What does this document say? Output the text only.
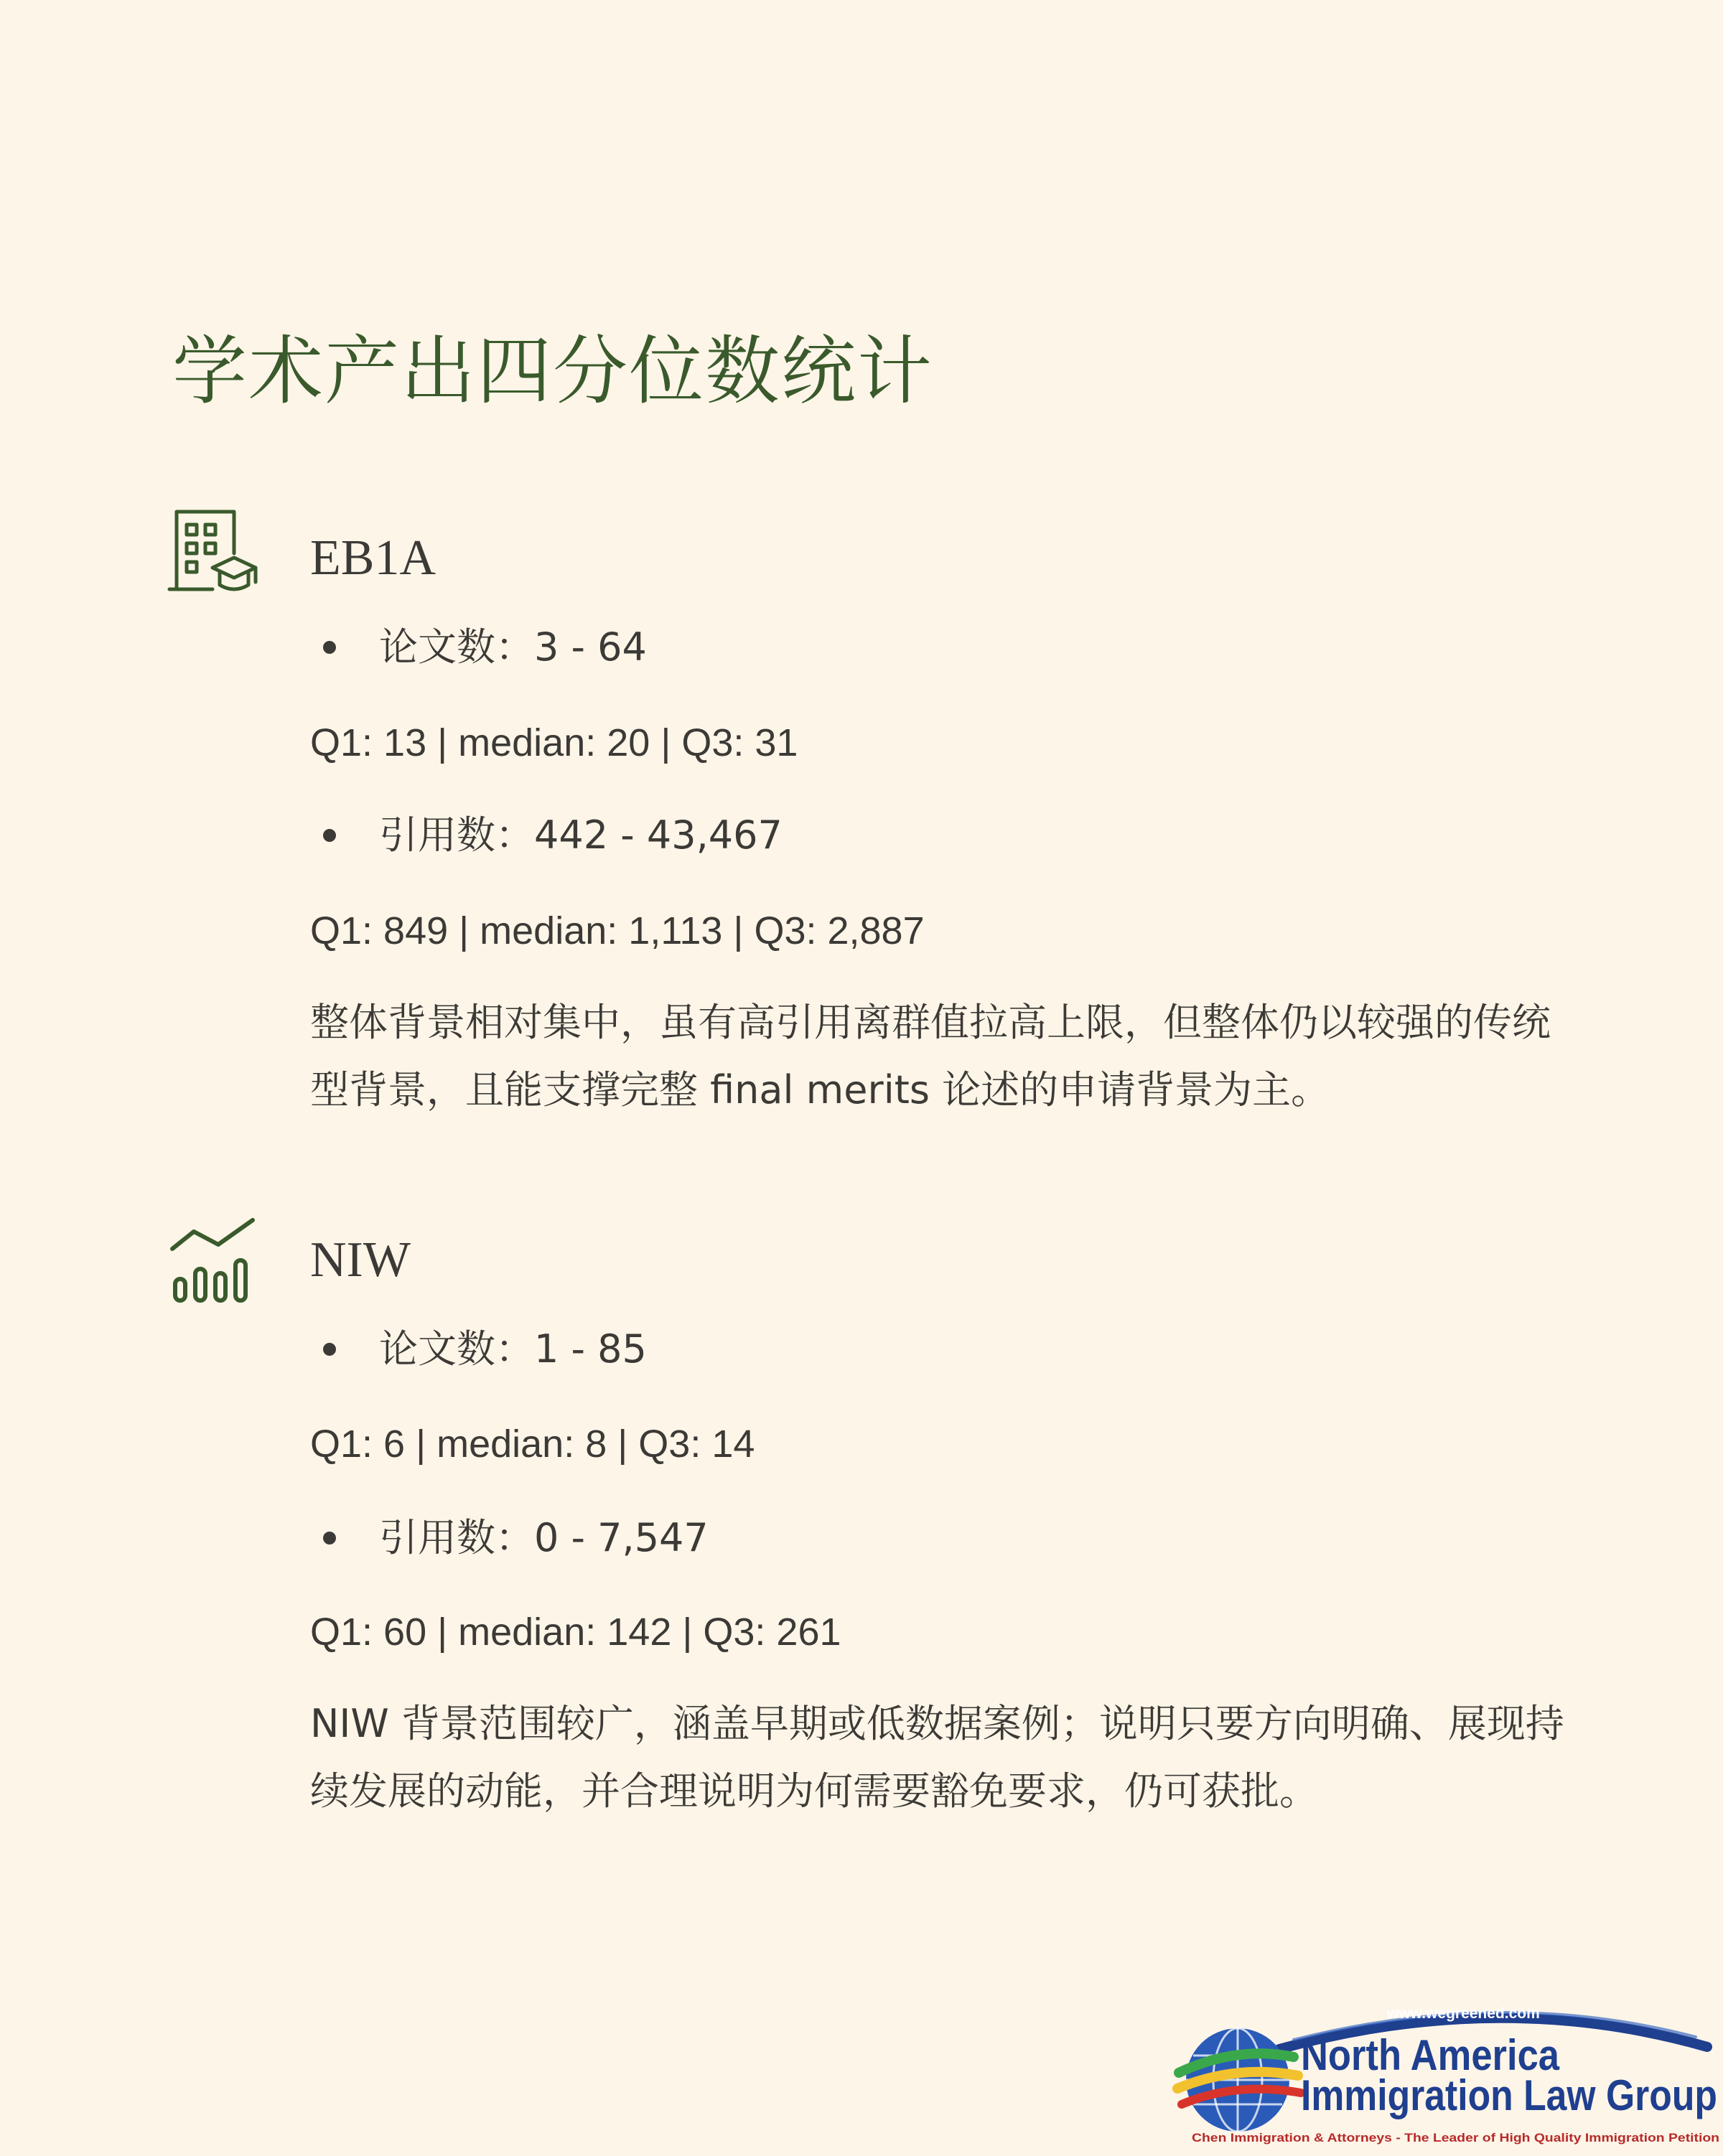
学术产出四分位数统计
EB1A
论文数：3 - 64
Q1: 13 | median: 20 | Q3: 31
引用数：442 - 43,467
Q1: 849 | median: 1,113 | Q3: 2,887

整体背景相对集中，虽有高引用离群值拉高上限，但整体仍以较强的传统型背景，且能支撑完整 final merits 论述的申请背景为主。

NIW
论文数：1 - 85
Q1: 6 | median: 8 | Q3: 14
引用数：0 - 7,547
Q1: 60 | median: 142 | Q3: 261

NIW 背景范围较广，涵盖早期或低数据案例；说明只要方向明确、展现持续发展的动能，并合理说明为何需要豁免要求，仍可获批。

www.wegreened.com
North America
Immigration Law Group
Chen Immigration & Attorneys - The Leader of High Quality Immigration Petition
